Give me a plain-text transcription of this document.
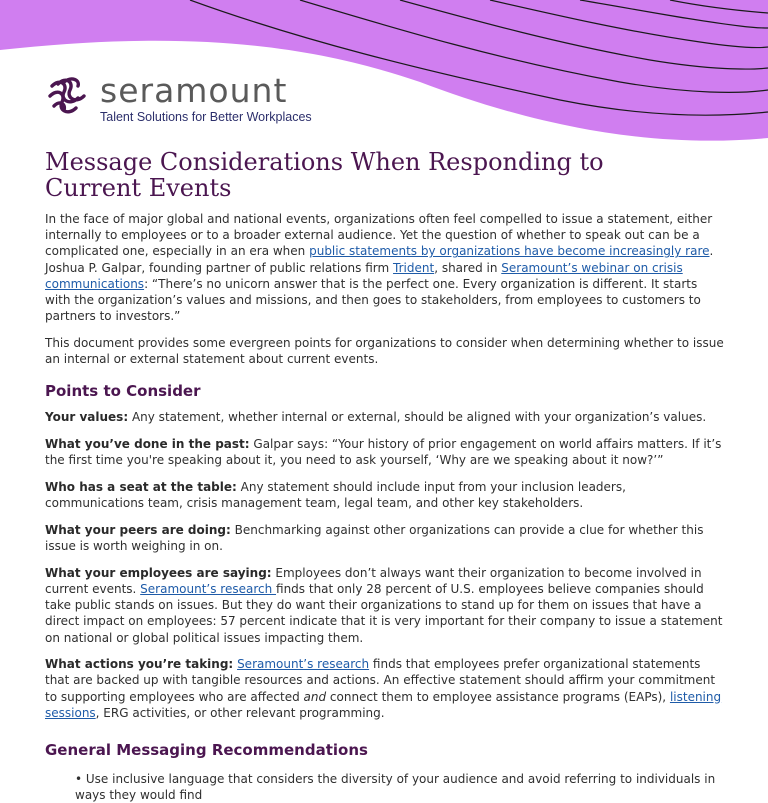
seramount
Talent Solutions for Better Workplaces
Message Considerations When Responding to Current Events

In the face of major global and national events, organizations often feel compelled to issue a statement, either internally to employees or to a broader external audience. Yet the question of whether to speak out can be a complicated one, especially in an era when public statements by organizations have become increasingly rare. Joshua P. Galpar, founding partner of public relations firm Trident, shared in Seramount’s webinar on crisis communications: “There’s no unicorn answer that is the perfect one. Every organization is different. It starts with the organization’s values and missions, and then goes to stakeholders, from employees to customers to partners to investors.”

This document provides some evergreen points for organizations to consider when determining whether to issue an internal or external statement about current events.

Points to Consider

Your values: Any statement, whether internal or external, should be aligned with your organization’s values.

What you’ve done in the past: Galpar says: “Your history of prior engagement on world affairs matters. If it’s the first time you're speaking about it, you need to ask yourself, ‘Why are we speaking about it now?’”

Who has a seat at the table: Any statement should include input from your inclusion leaders, communications team, crisis management team, legal team, and other key stakeholders.

What your peers are doing: Benchmarking against other organizations can provide a clue for whether this issue is worth weighing in on.

What your employees are saying: Employees don’t always want their organization to become involved in current events. Seramount’s research finds that only 28 percent of U.S. employees believe companies should take public stands on issues. But they do want their organizations to stand up for them on issues that have a direct impact on employees: 57 percent indicate that it is very important for their company to issue a statement on national or global political issues impacting them.

What actions you’re taking: Seramount’s research finds that employees prefer organizational statements that are backed up with tangible resources and actions. An effective statement should affirm your commitment to supporting employees who are affected and connect them to employee assistance programs (EAPs), listening sessions, ERG activities, or other relevant programming.

General Messaging Recommendations
• Use inclusive language that considers the diversity of your audience and avoid referring to individuals in ways they would find
